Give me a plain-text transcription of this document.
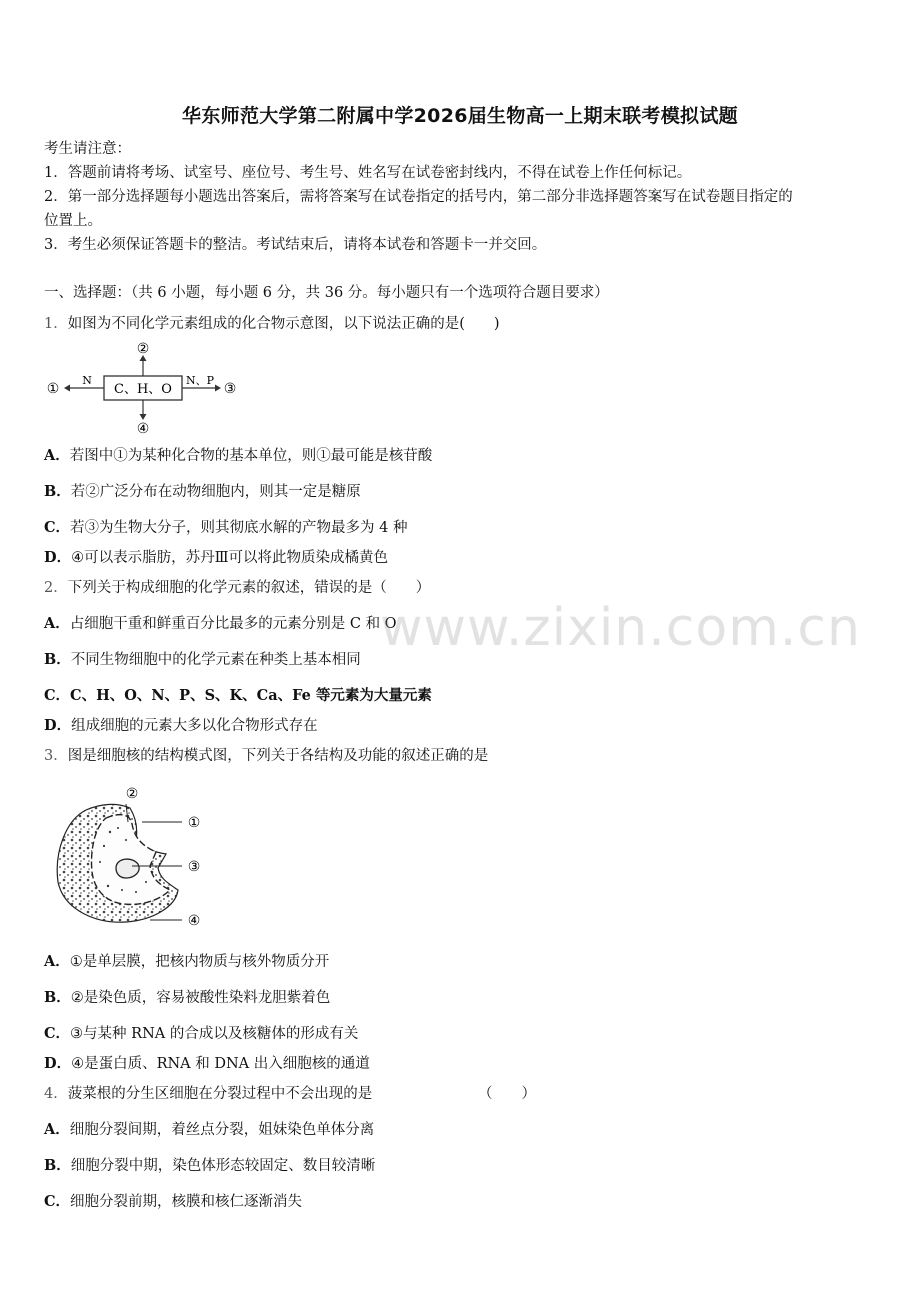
华东师范大学第二附属中学2026届生物高一上期末联考模拟试题
考生请注意：
1．答题前请将考场、试室号、座位号、考生号、姓名写在试卷密封线内，不得在试卷上作任何标记。
2．第一部分选择题每小题选出答案后，需将答案写在试卷指定的括号内，第二部分非选择题答案写在试卷题目指定的
位置上。
3．考生必须保证答题卡的整洁。考试结束后，请将本试卷和答题卡一并交回。
一、选择题：（共 6 小题，每小题 6 分，共 36 分。每小题只有一个选项符合题目要求）
1．如图为不同化学元素组成的化合物示意图，以下说法正确的是(　　)
C、H、O
②
④
N
①
N、P
③
A．若图中①为某种化合物的基本单位，则①最可能是核苷酸
B．若②广泛分布在动物细胞内，则其一定是糖原
C．若③为生物大分子，则其彻底水解的产物最多为 4 种
D．④可以表示脂肪，苏丹Ⅲ可以将此物质染成橘黄色
2．下列关于构成细胞的化学元素的叙述，错误的是（　　）
A．占细胞干重和鲜重百分比最多的元素分别是 C 和 O
B．不同生物细胞中的化学元素在种类上基本相同
C．C、H、O、N、P、S、K、Ca、Fe 等元素为大量元素
D．组成细胞的元素大多以化合物形式存在
3．图是细胞核的结构模式图，下列关于各结构及功能的叙述正确的是
②
①
③
④
A．①是单层膜，把核内物质与核外物质分开
B．②是染色质，容易被酸性染料龙胆紫着色
C．③与某种 RNA 的合成以及核糖体的形成有关
D．④是蛋白质、RNA 和 DNA 出入细胞核的通道
4．菠菜根的分生区细胞在分裂过程中不会出现的是	（　　）
A．细胞分裂间期，着丝点分裂，姐妹染色单体分离
B．细胞分裂中期，染色体形态较固定、数目较清晰
C．细胞分裂前期，核膜和核仁逐渐消失
www.zixin.com.cn
